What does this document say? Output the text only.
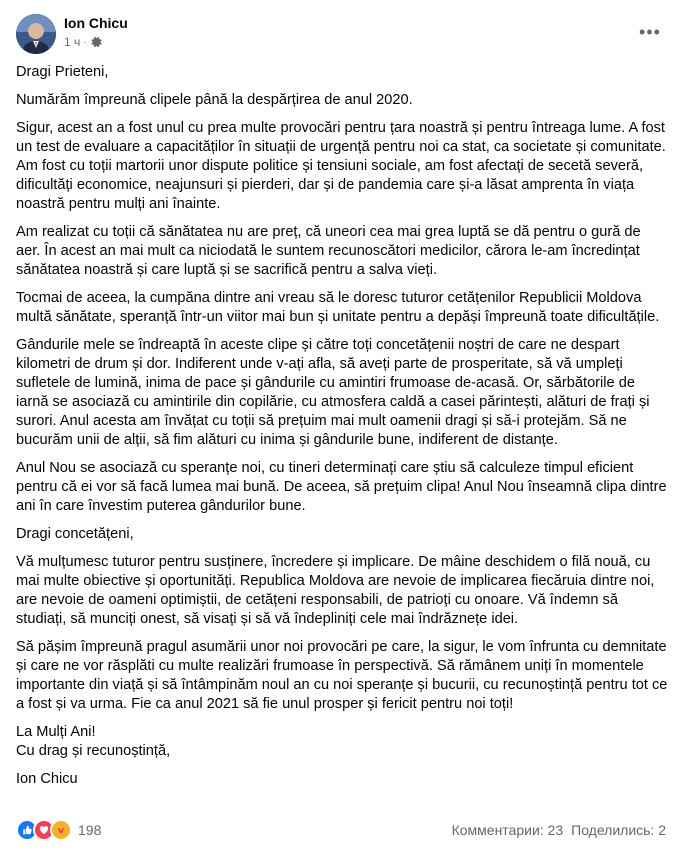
Ion Chicu
1 ч ·
•••

Dragi Prieteni,

Numărăm împreună clipele până la despărțirea de anul 2020.

Sigur, acest an a fost unul cu prea multe provocări pentru țara noastră și pentru întreaga lume. A fost un test de evaluare a capacităților în situații de urgență pentru noi ca stat, ca societate și comunitate. Am fost cu toții martorii unor dispute politice și tensiuni sociale, am fost afectați de secetă severă, dificultăți economice, neajunsuri și pierderi, dar și de pandemia care și-a lăsat amprenta în viața noastră pentru mulți ani înainte.

Am realizat cu toții că sănătatea nu are preț, că uneori cea mai grea luptă se dă pentru o gură de aer. În acest an mai mult ca niciodată le suntem recunoscători medicilor, cărora le-am încredințat sănătatea noastră și care luptă și se sacrifică pentru a salva vieți.

Tocmai de aceea, la cumpăna dintre ani vreau să le doresc tuturor cetățenilor Republicii Moldova multă sănătate, speranță într-un viitor mai bun și unitate pentru a depăși împreună toate dificultățile.

Gândurile mele se îndreaptă în aceste clipe și către toți concetățenii noștri de care ne despart kilometri de drum și dor. Indiferent unde v-ați afla, să aveți parte de prosperitate, să vă umpleți sufletele de lumină, inima de pace și gândurile cu amintiri frumoase de-acasă. Or, sărbătorile de iarnă se asociază cu amintirile din copilărie, cu atmosfera caldă a casei părintești, alături de frați și surori. Anul acesta am învățat cu toții să prețuim mai mult oamenii dragi și să-i protejăm. Să ne bucurăm unii de alții, să fim alături cu inima și gândurile bune, indiferent de distanțe.

Anul Nou se asociază cu speranțe noi, cu tineri determinați care știu să calculeze timpul eficient pentru că ei vor să facă lumea mai bună. De aceea, să prețuim clipa! Anul Nou înseamnă clipa dintre ani în care învestim puterea gândurilor bune.

Dragi concetățeni,

Vă mulțumesc tuturor pentru susținere, încredere și implicare. De mâine deschidem o filă nouă, cu mai multe obiective și oportunități. Republica Moldova are nevoie de implicarea fiecăruia dintre noi, are nevoie de oameni optimiștii, de cetățeni responsabili, de patrioți cu onoare. Vă îndemn să studiați, să munciți onest, să visați și să vă îndepliniți cele mai îndrăznețe idei.

Să pășim împreună pragul asumării unor noi provocări pe care, la sigur, le vom înfrunta cu demnitate și care ne vor răsplăti cu multe realizări frumoase în perspectivă. Să rămânem uniți în momentele importante din viață și să întâmpinăm noul an cu noi speranțe și bucurii, cu recunoștință pentru tot ce a fost și va urma. Fie ca anul 2021 să fie unul prosper și fericit pentru noi toți!

La Mulți Ani!

Cu drag și recunoștință,

Ion Chicu

198	Комментарии: 23 Поделились: 2
